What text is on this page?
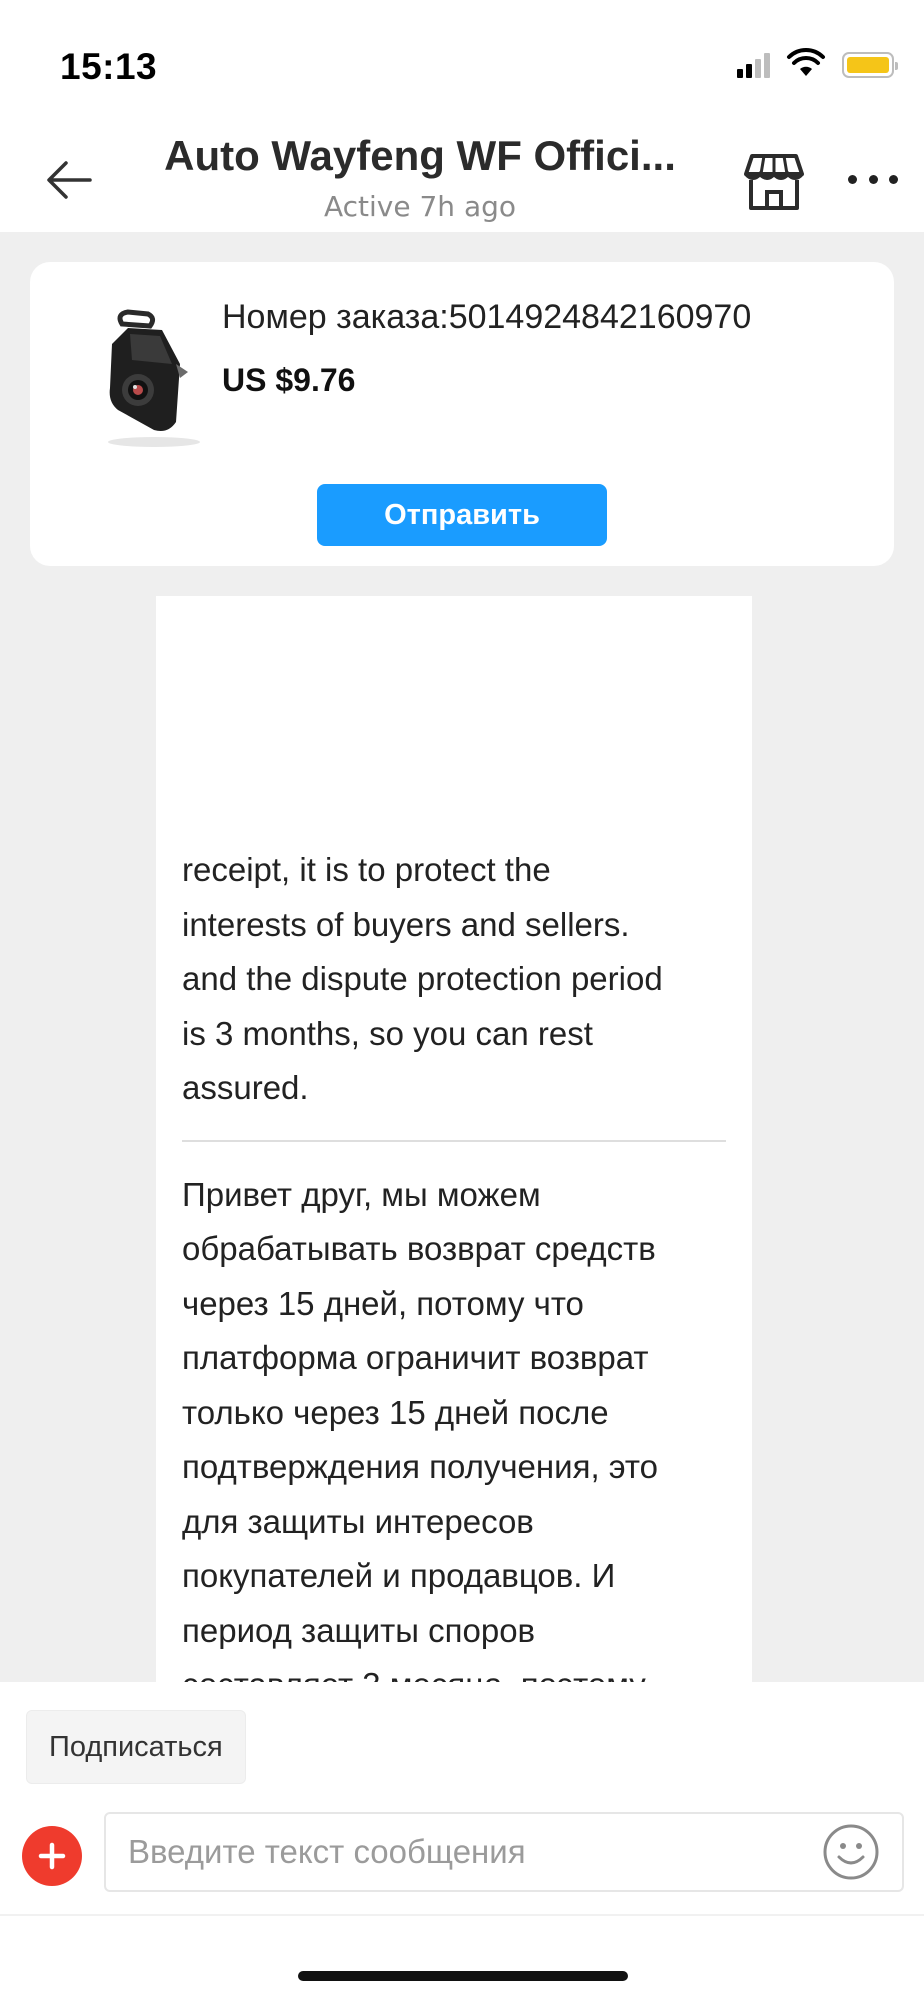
15:13
Auto Wayfeng WF Offici...
Active 7h ago
receipt, it is to protect the
interests of buyers and sellers.
and the dispute protection period
is 3 months, so you can rest
assured.
Привет друг, мы можем
обрабатывать возврат средств
через 15 дней, потому что
платформа ограничит возврат
только через 15 дней после
подтверждения получения, это
для защиты интересов
покупателей и продавцов. И
период защиты споров
Номер заказа:5014924842160970
US $9.76
Отправить
Подписаться
Введите текст сообщения
